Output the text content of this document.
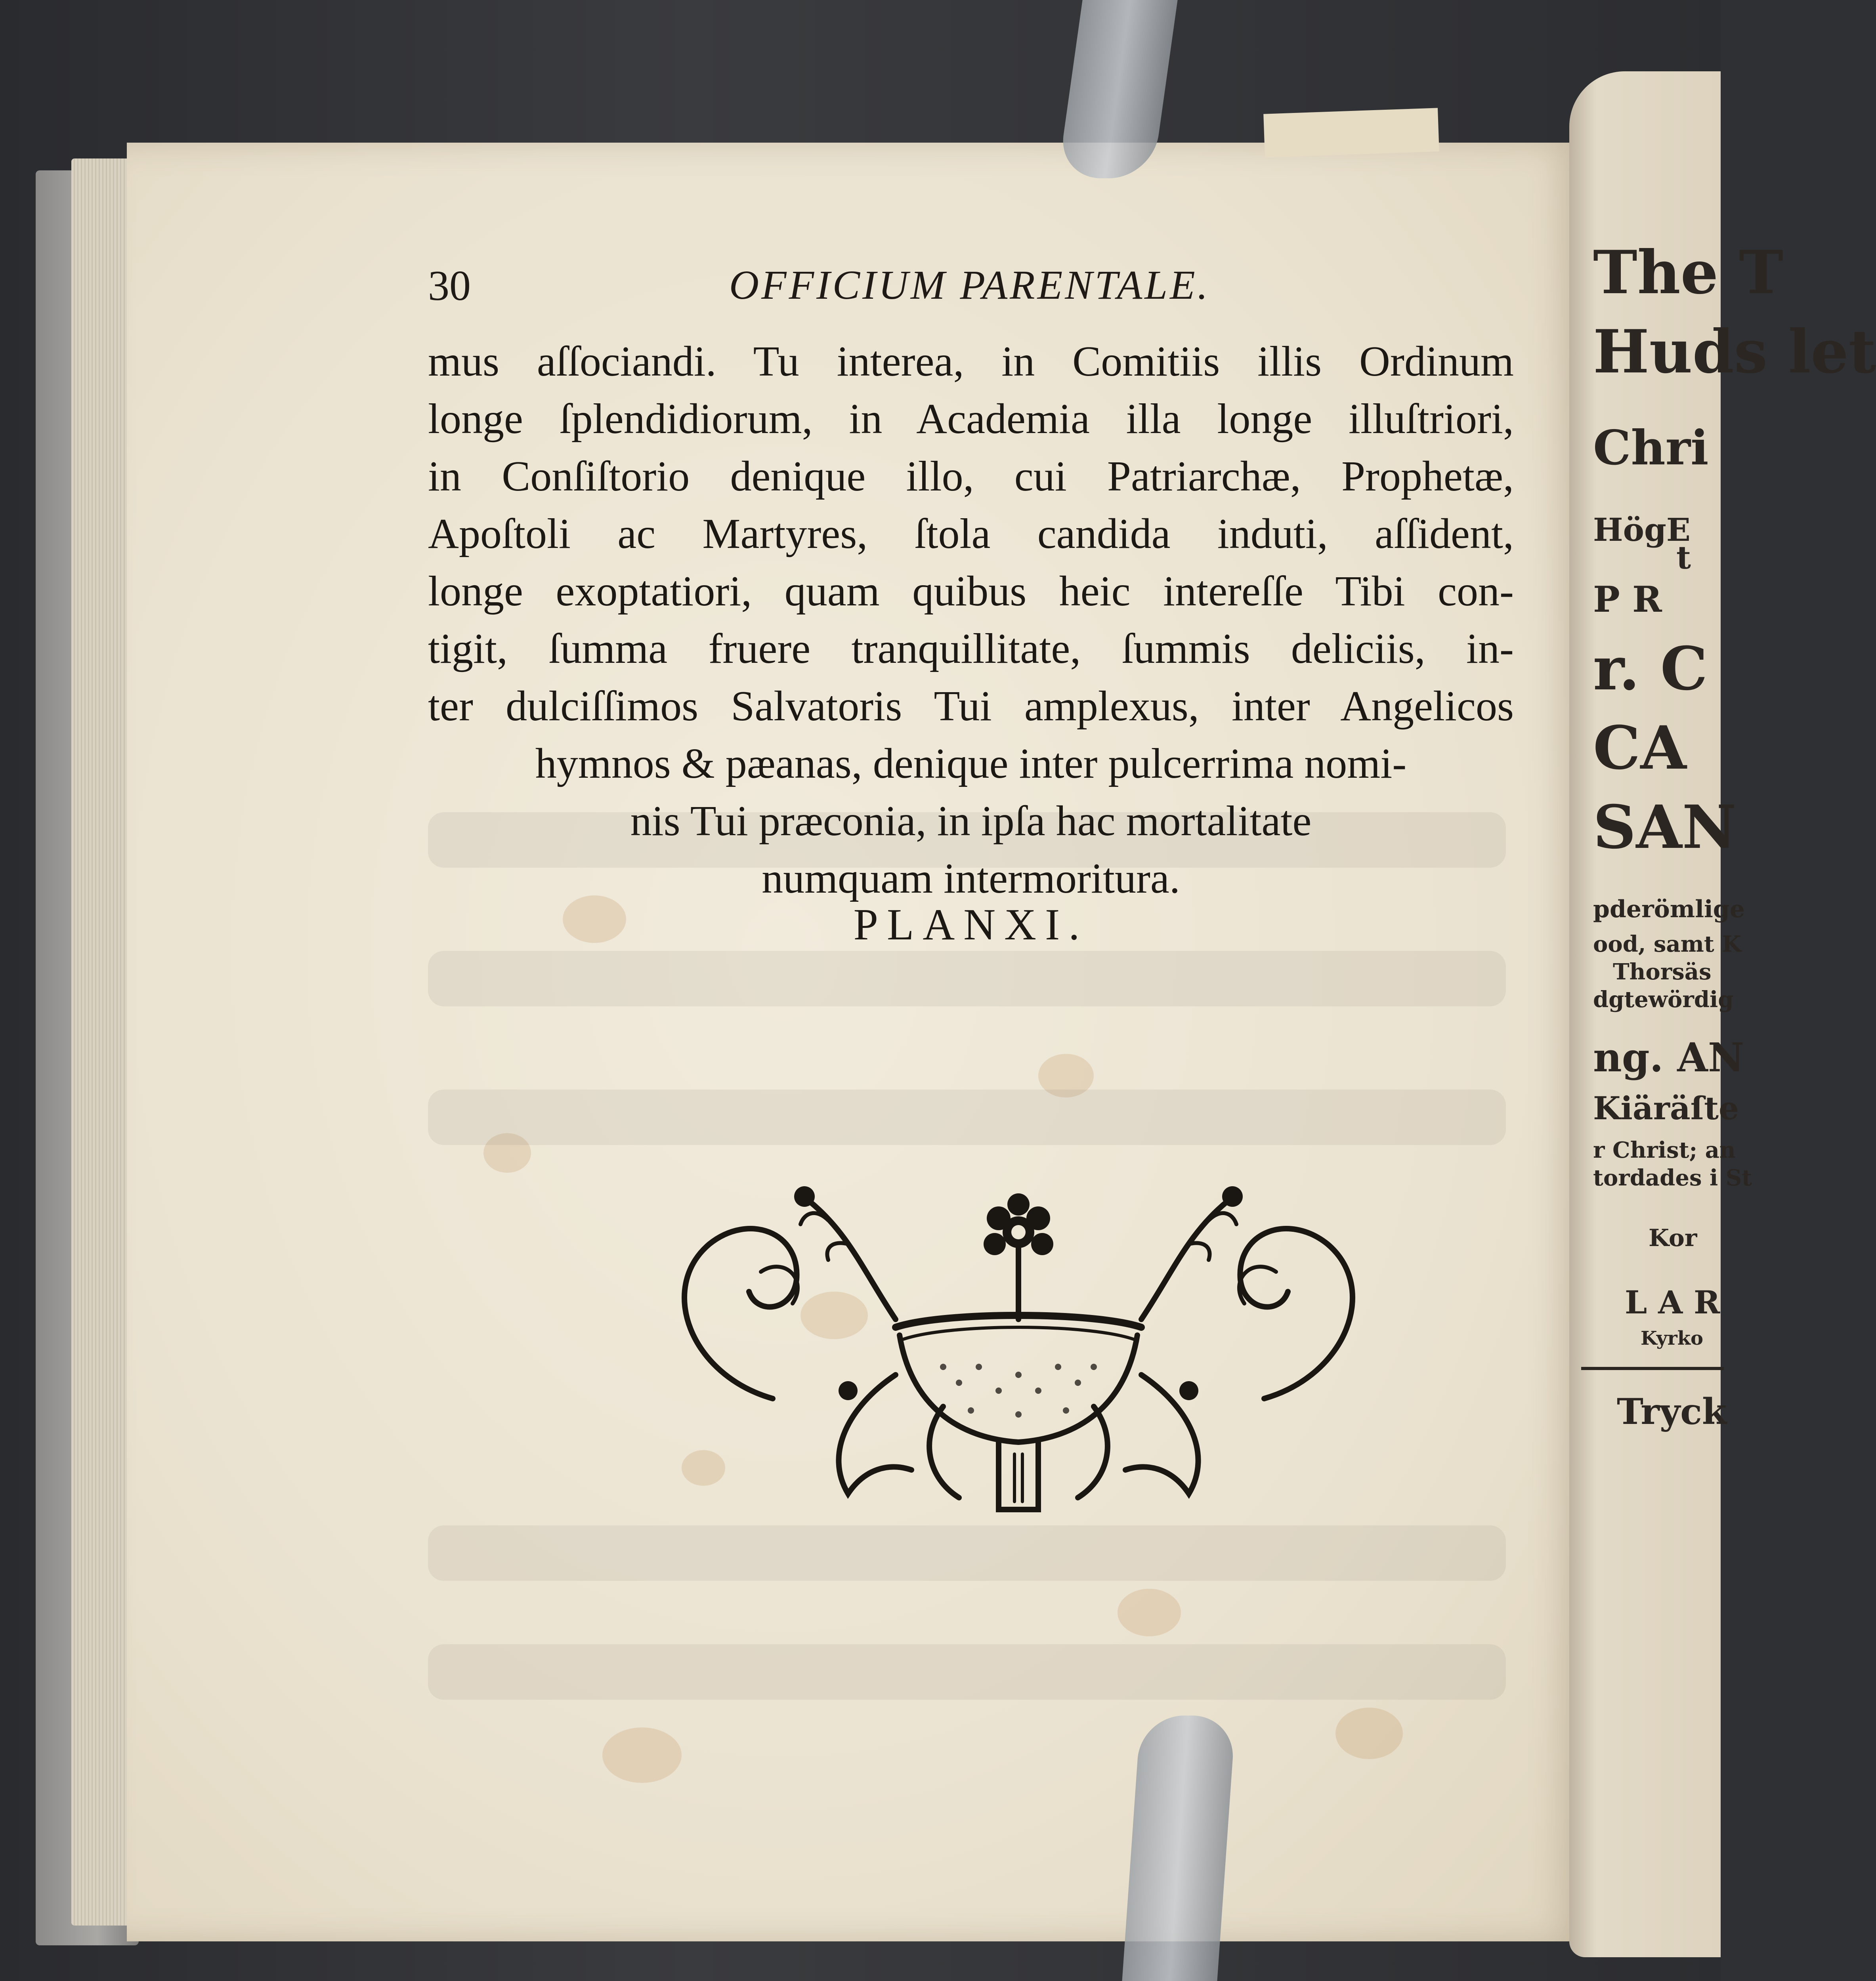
The T
Huds let
Chri
HögE
t
P R
r. C
CA
SAN
pderömlige
ood, samt K
Thorsäs
dgtewördig
ng. AN
Kiäräſte
r Christ; an
tordades i St
Kor
L A R
Kyrko
Tryck
30	OFFICIUM PARENTALE.
mus aſſociandi. Tu interea, in Comitiis illis Ordinum
longe ſplendidiorum, in Academia illa longe illuſtriori,
in Conſiſtorio denique illo, cui Patriarchæ, Prophetæ,
Apoſtoli ac Martyres, ſtola candida induti, aſſident,
longe exoptatiori, quam quibus heic intereſſe Tibi con-
tigit, ſumma fruere tranquillitate, ſummis deliciis, in-
ter dulciſſimos Salvatoris Tui amplexus, inter Angelicos
hymnos & pæanas, denique inter pulcerrima nomi-
nis Tui præconia, in ipſa hac mortalitate
numquam intermoritura.
PLANXI.
